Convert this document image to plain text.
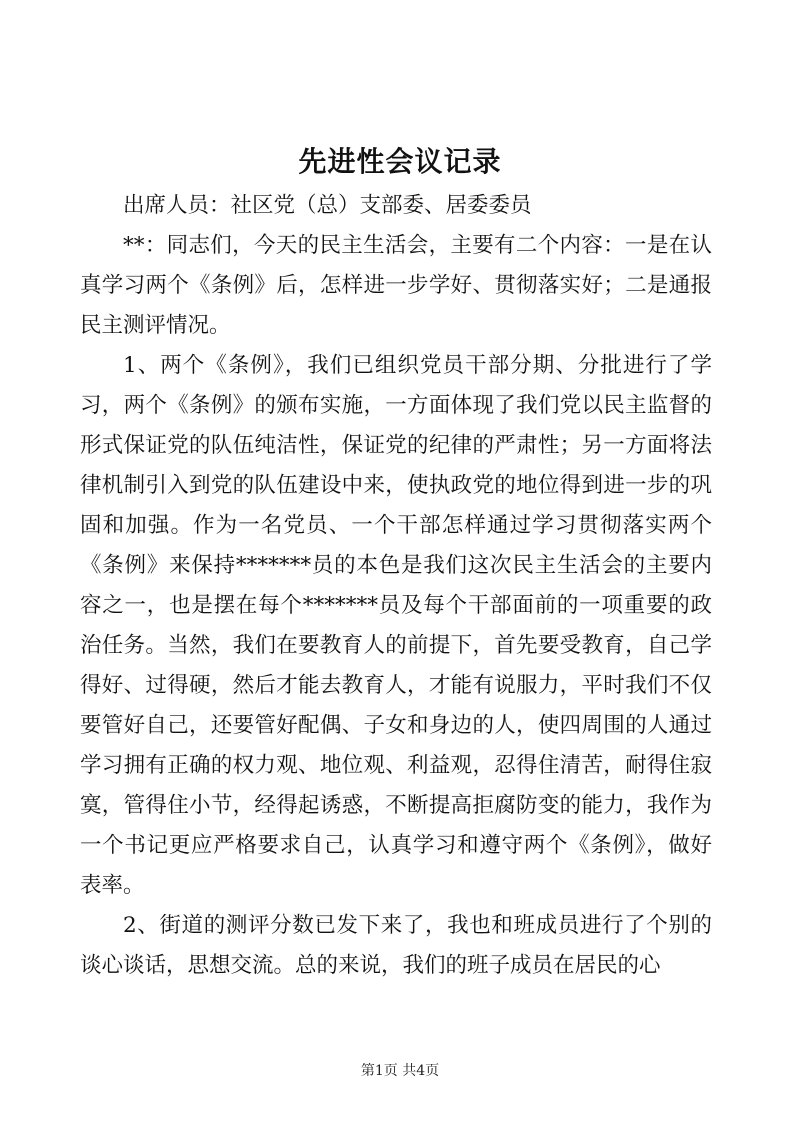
先进性会议记录

出席人员：社区党（总）支部委、居委委员

**：同志们，今天的民主生活会，主要有二个内容：一是在认真学习两个《条例》后，怎样进一步学好、贯彻落实好；二是通报民主测评情况。

1、两个《条例》，我们已组织党员干部分期、分批进行了学习，两个《条例》的颁布实施，一方面体现了我们党以民主监督的形式保证党的队伍纯洁性，保证党的纪律的严肃性；另一方面将法律机制引入到党的队伍建设中来，使执政党的地位得到进一步的巩固和加强。作为一名党员、一个干部怎样通过学习贯彻落实两个《条例》来保持*******员的本色是我们这次民主生活会的主要内容之一，也是摆在每个*******员及每个干部面前的一项重要的政治任务。当然，我们在要教育人的前提下，首先要受教育，自己学得好、过得硬，然后才能去教育人，才能有说服力，平时我们不仅要管好自己，还要管好配偶、子女和身边的人，使四周围的人通过学习拥有正确的权力观、地位观、利益观，忍得住清苦，耐得住寂寞，管得住小节，经得起诱惑，不断提高拒腐防变的能力，我作为一个书记更应严格要求自己，认真学习和遵守两个《条例》，做好表率。

2、街道的测评分数已发下来了，我也和班成员进行了个别的谈心谈话，思想交流。总的来说，我们的班子成员在居民的心

第1页 共4页
